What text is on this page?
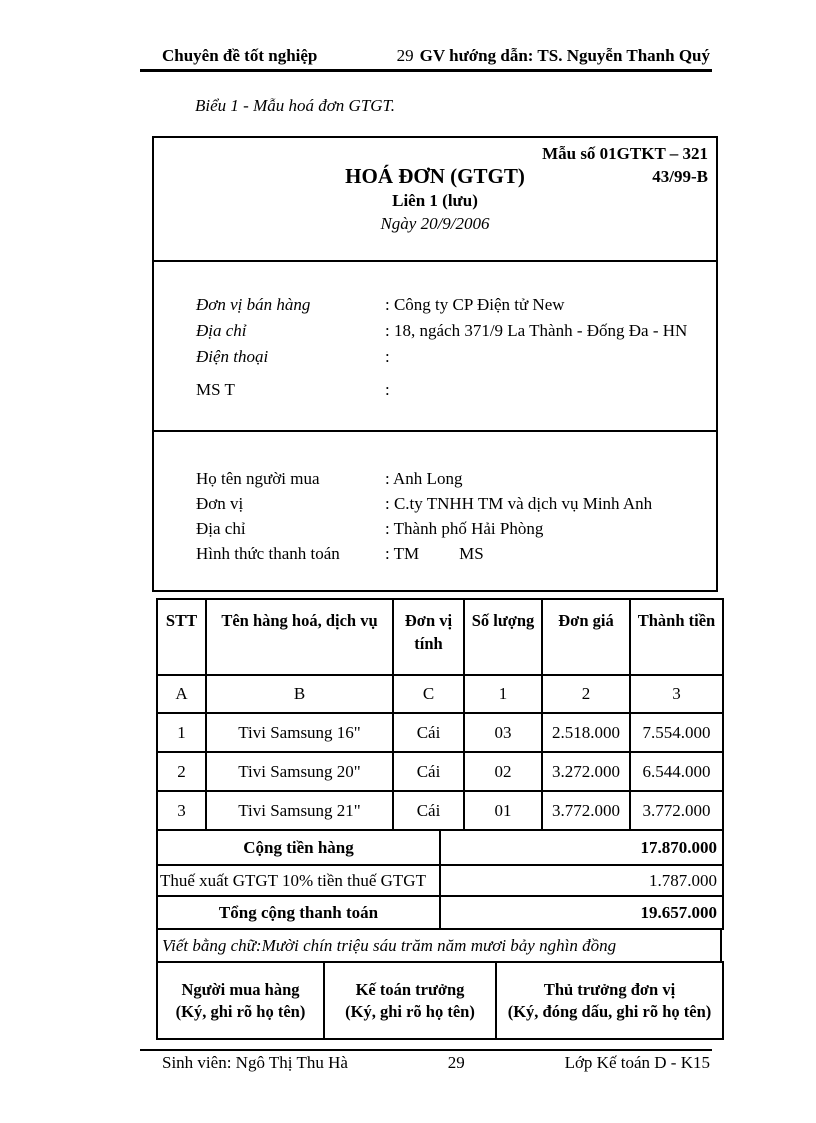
Chuyên đề tốt nghiệp	29 GV hướng dẫn: TS. Nguyễn Thanh Quý
Biểu 1 - Mẫu hoá đơn GTGT.
Mẫu số 01GTKT – 321
43/99-B
HOÁ ĐƠN (GTGT)
Liên 1 (lưu)
Ngày 20/9/2006
Đơn vị bán hàng	: Công ty CP Điện tử New
Địa chỉ	: 18, ngách 371/9 La Thành - Đống Đa - HN
Điện thoại	:
MS T	:
Họ tên người mua	: Anh Long
Đơn vị	: C.ty TNHH TM và dịch vụ Minh Anh
Địa chỉ	: Thành phố Hải Phòng
Hình thức thanh toán	: TM MS
STT	Tên hàng hoá, dịch vụ	Đơn vị tính	Số lượng	Đơn giá	Thành tiền
A	B	C	1	2	3
1	Tivi Samsung 16"	Cái	03	2.518.000	7.554.000
2	Tivi Samsung 20"	Cái	02	3.272.000	6.544.000
3	Tivi Samsung 21"	Cái	01	3.772.000	3.772.000
Cộng tiền hàng	17.870.000
Thuế xuất GTGT 10% tiền thuế GTGT	1.787.000
Tổng cộng thanh toán	19.657.000
Viết bằng chữ:Mười chín triệu sáu trăm năm mươi bảy nghìn đồng
Người mua hàng
(Ký, ghi rõ họ tên)

Kế toán trưởng
(Ký, ghi rõ họ tên)

Thủ trưởng đơn vị
(Ký, đóng dấu, ghi rõ họ tên)
Sinh viên: Ngô Thị Thu Hà	29	Lớp Kế toán D - K15
